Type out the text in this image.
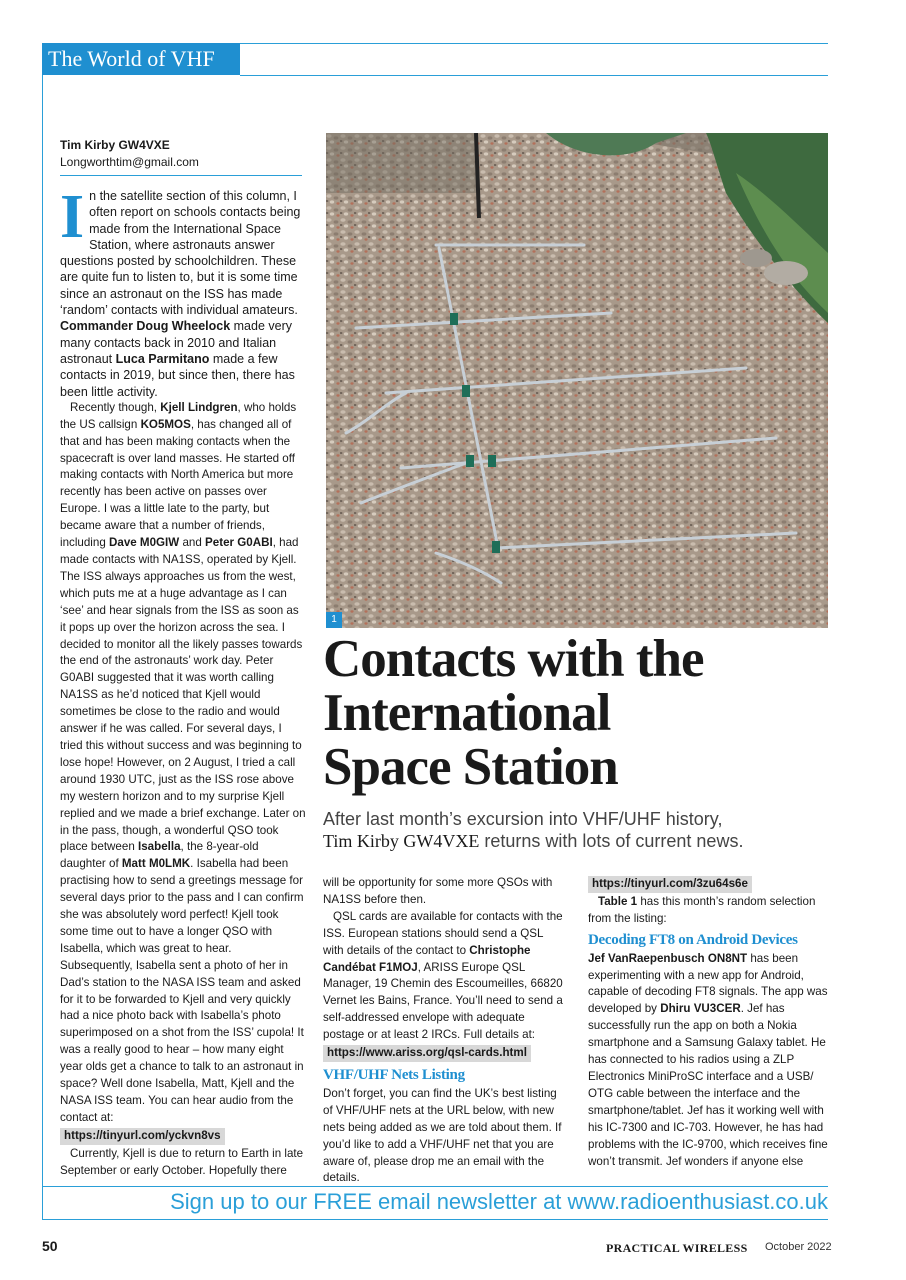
The World of VHF
Tim Kirby GW4VXE
Longworthtim@gmail.com

In the satellite section of this column, I often report on schools contacts being made from the International Space Station, where astronauts answer questions posted by schoolchildren. These are quite fun to listen to, but it is some time since an astronaut on the ISS has made ‘random’ contacts with individual amateurs. Commander Doug Wheelock made very many contacts back in 2010 and Italian astronaut Luca Parmitano made a few contacts in 2019, but since then, there has been little activity.

Recently though, Kjell Lindgren, who holds the US callsign KO5MOS, has changed all of that and has been making contacts when the spacecraft is over land masses. He started off making contacts with North America but more recently has been active on passes over Europe. I was a little late to the party, but became aware that a number of friends, including Dave M0GIW and Peter G0ABI, had made contacts with NA1SS, operated by Kjell. The ISS always approaches us from the west, which puts me at a huge advantage as I can ‘see’ and hear signals from the ISS as soon as it pops up over the horizon across the sea. I decided to monitor all the likely passes towards the end of the astronauts’ work day. Peter G0ABI suggested that it was worth calling NA1SS as he’d noticed that Kjell would sometimes be close to the radio and would answer if he was called. For several days, I tried this without success and was beginning to lose hope! However, on 2 August, I tried a call around 1930 UTC, just as the ISS rose above my western horizon and to my surprise Kjell replied and we made a brief exchange. Later on in the pass, though, a wonderful QSO took place between Isabella, the 8-year-old daughter of Matt M0LMK. Isabella had been practising how to send a greetings message for several days prior to the pass and I can confirm she was absolutely word perfect! Kjell took some time out to have a longer QSO with Isabella, which was great to hear. Subsequently, Isabella sent a photo of her in Dad’s station to the NASA ISS team and asked for it to be forwarded to Kjell and very quickly had a nice photo back with Isabella’s photo superimposed on a shot from the ISS’ cupola! It was a really good to hear – how many eight year olds get a chance to talk to an astronaut in space? Well done Isabella, Matt, Kjell and the NASA ISS team. You can hear audio from the contact at:

https://tinyurl.com/yckvn8vs

Currently, Kjell is due to return to Earth in late September or early October. Hopefully there

1
Contacts with the
International
Space Station
After last month’s excursion into VHF/UHF history,
Tim Kirby GW4VXE returns with lots of current news.

will be opportunity for some more QSOs with NA1SS before then.

QSL cards are available for contacts with the ISS. European stations should send a QSL with details of the contact to Christophe Candébat F1MOJ, ARISS Europe QSL Manager, 19 Chemin des Escoumeilles, 66820 Vernet les Bains, France. You’ll need to send a self-addressed envelope with adequate postage or at least 2 IRCs. Full details at:

https://www.ariss.org/qsl-cards.html

VHF/UHF Nets Listing

Don’t forget, you can find the UK’s best listing of VHF/UHF nets at the URL below, with new nets being added as we are told about them. If you’d like to add a VHF/UHF net that you are aware of, please drop me an email with the details.

https://tinyurl.com/3zu64s6e

Table 1 has this month’s random selection from the listing:

Decoding FT8 on Android Devices

Jef VanRaepenbusch ON8NT has been experimenting with a new app for Android, capable of decoding FT8 signals. The app was developed by Dhiru VU3CER. Jef has successfully run the app on both a Nokia smartphone and a Samsung Galaxy tablet. He has connected to his radios using a ZLP Electronics MiniProSC interface and a USB/ OTG cable between the interface and the smartphone/tablet. Jef has it working well with his IC-7300 and IC-703. However, he has had problems with the IC-9700, which receives fine won’t transmit. Jef wonders if anyone else

Sign up to our FREE email newsletter at www.radioenthusiast.co.uk
50	PRACTICAL WIRELESS October 2022
